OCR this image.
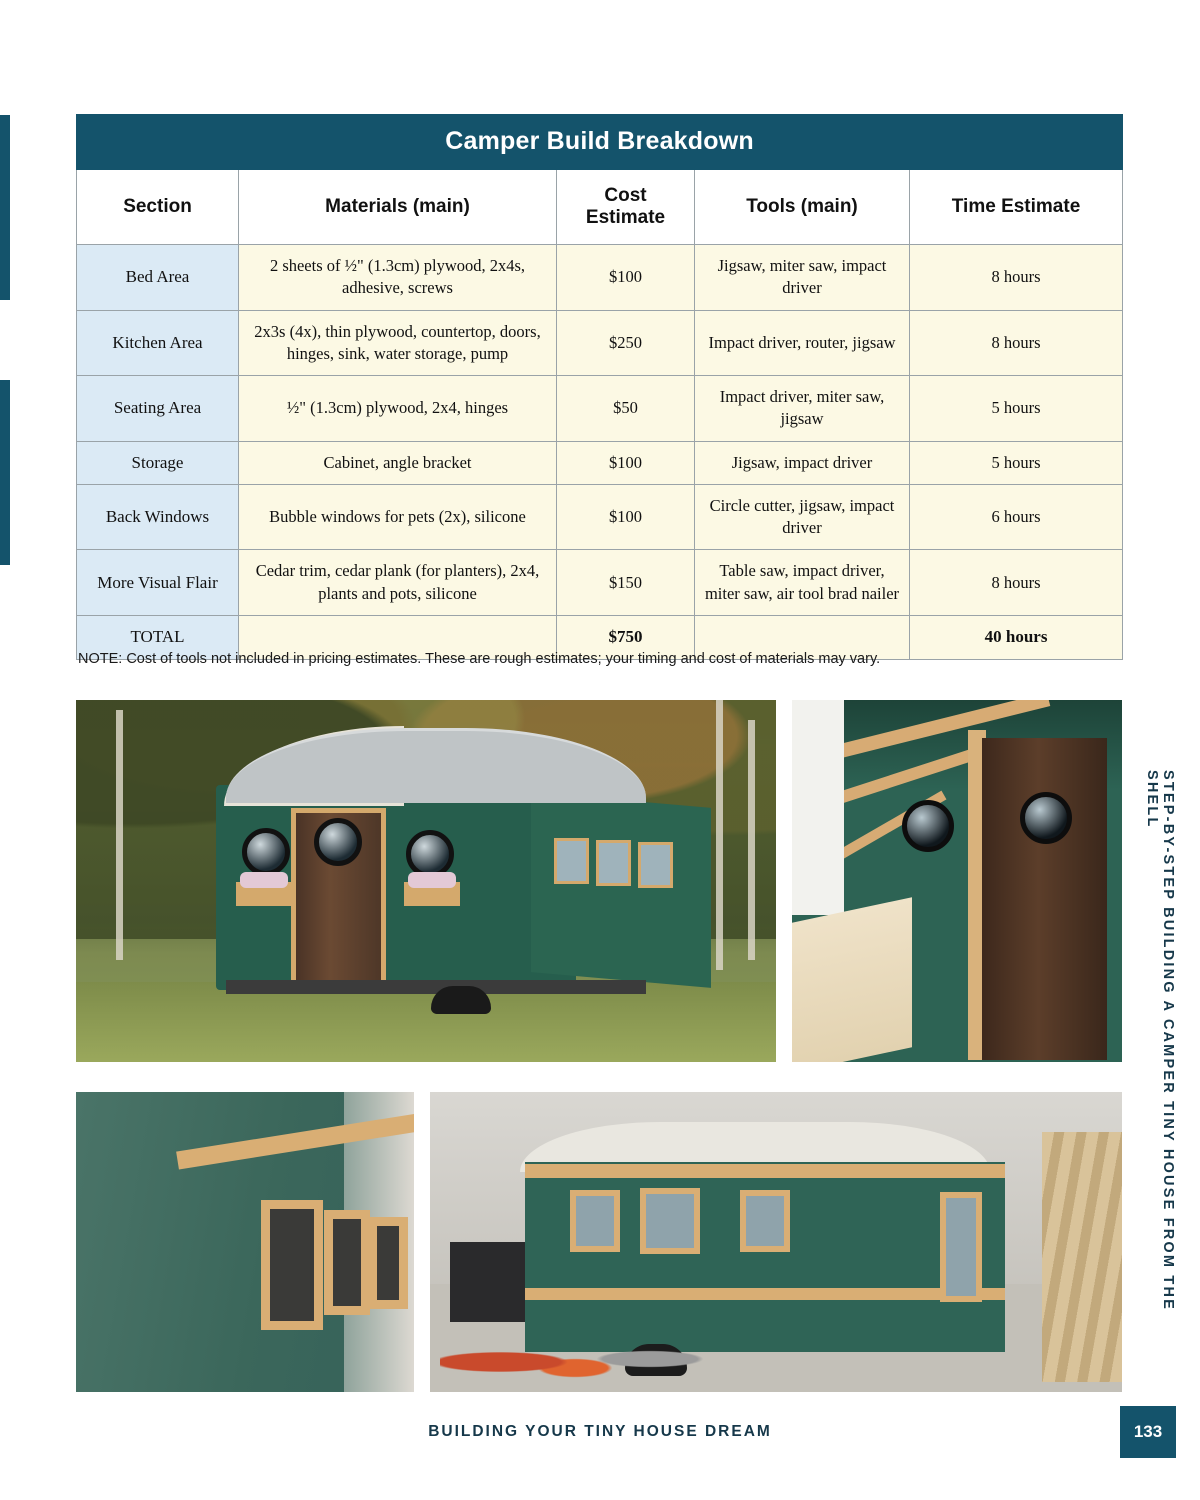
Camper Build Breakdown				
Section	Materials (main)	Cost Estimate	Tools (main)	Time Estimate
Bed Area	2 sheets of ½" (1.3cm) plywood, 2x4s, adhesive, screws	$100	Jigsaw, miter saw, impact driver	8 hours
Kitchen Area	2x3s (4x), thin plywood, countertop, doors, hinges, sink, water storage, pump	$250	Impact driver, router, jigsaw	8 hours
Seating Area	½" (1.3cm) plywood, 2x4, hinges	$50	Impact driver, miter saw, jigsaw	5 hours
Storage	Cabinet, angle bracket	$100	Jigsaw, impact driver	5 hours
Back Windows	Bubble windows for pets (2x), silicone	$100	Circle cutter, jigsaw, impact driver	6 hours
More Visual Flair	Cedar trim, cedar plank (for planters), 2x4, plants and pots, silicone	$150	Table saw, impact driver, miter saw, air tool brad nailer	8 hours
TOTAL		$750		40 hours
NOTE: Cost of tools not included in pricing estimates. These are rough estimates; your timing and cost of materials may vary.
STEP-BY-STEP BUILDING A CAMPER TINY HOUSE FROM THE SHELL
BUILDING YOUR TINY HOUSE DREAM	133
